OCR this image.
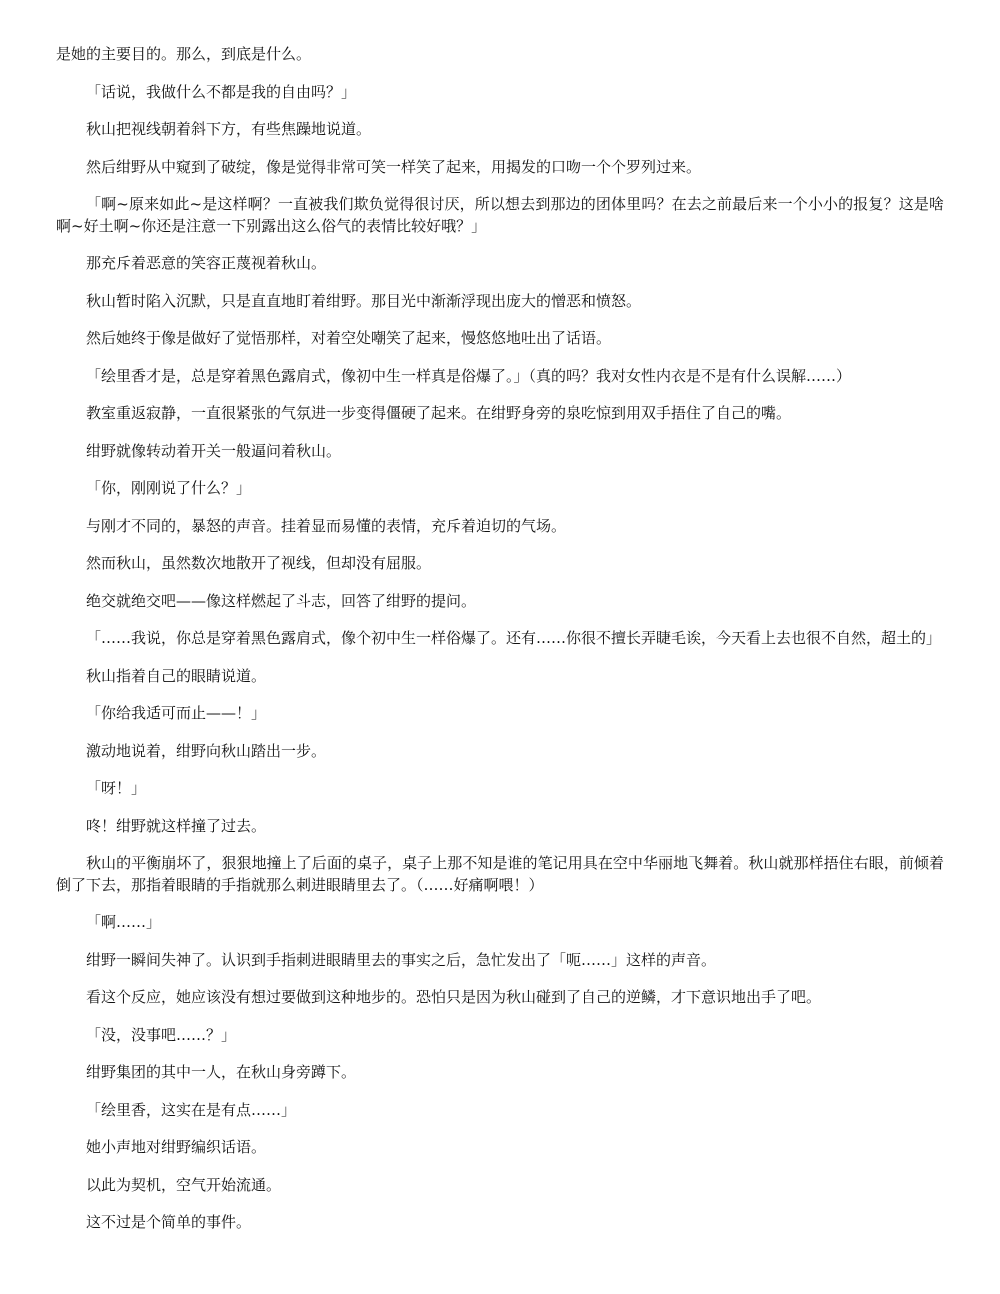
是她的主要目的。那么，到底是什么。

「话说，我做什么不都是我的自由吗？」

秋山把视线朝着斜下方，有些焦躁地说道。

然后绀野从中窥到了破绽，像是觉得非常可笑一样笑了起来，用揭发的口吻一个个罗列过来。

「啊~原来如此~是这样啊？一直被我们欺负觉得很讨厌，所以想去到那边的团体里吗？在去之前最后来一个小小的报复？这是啥啊~好土啊~你还是注意一下别露出这么俗气的表情比较好哦？」

那充斥着恶意的笑容正蔑视着秋山。

秋山暂时陷入沉默，只是直直地盯着绀野。那目光中渐渐浮现出庞大的憎恶和愤怒。

然后她终于像是做好了觉悟那样，对着空处嘲笑了起来，慢悠悠地吐出了话语。

「绘里香才是，总是穿着黑色露肩式，像初中生一样真是俗爆了。」（真的吗？我对女性内衣是不是有什么误解……）

教室重返寂静，一直很紧张的气氛进一步变得僵硬了起来。在绀野身旁的泉吃惊到用双手捂住了自己的嘴。

绀野就像转动着开关一般逼问着秋山。

「你，刚刚说了什么？」

与刚才不同的，暴怒的声音。挂着显而易懂的表情，充斥着迫切的气场。

然而秋山，虽然数次地散开了视线，但却没有屈服。

绝交就绝交吧——像这样燃起了斗志，回答了绀野的提问。

「……我说，你总是穿着黑色露肩式，像个初中生一样俗爆了。还有……你很不擅长弄睫毛诶，今天看上去也很不自然，超土的」

秋山指着自己的眼睛说道。

「你给我适可而止——！」

激动地说着，绀野向秋山踏出一步。

「呀！」

咚！绀野就这样撞了过去。

秋山的平衡崩坏了，狠狠地撞上了后面的桌子，桌子上那不知是谁的笔记用具在空中华丽地飞舞着。秋山就那样捂住右眼，前倾着倒了下去，那指着眼睛的手指就那么刺进眼睛里去了。（……好痛啊喂！）

「啊……」

绀野一瞬间失神了。认识到手指刺进眼睛里去的事实之后，急忙发出了「呃……」这样的声音。

看这个反应，她应该没有想过要做到这种地步的。恐怕只是因为秋山碰到了自己的逆鳞，才下意识地出手了吧。

「没，没事吧……？」

绀野集团的其中一人，在秋山身旁蹲下。

「绘里香，这实在是有点……」

她小声地对绀野编织话语。

以此为契机，空气开始流通。

这不过是个简单的事件。
